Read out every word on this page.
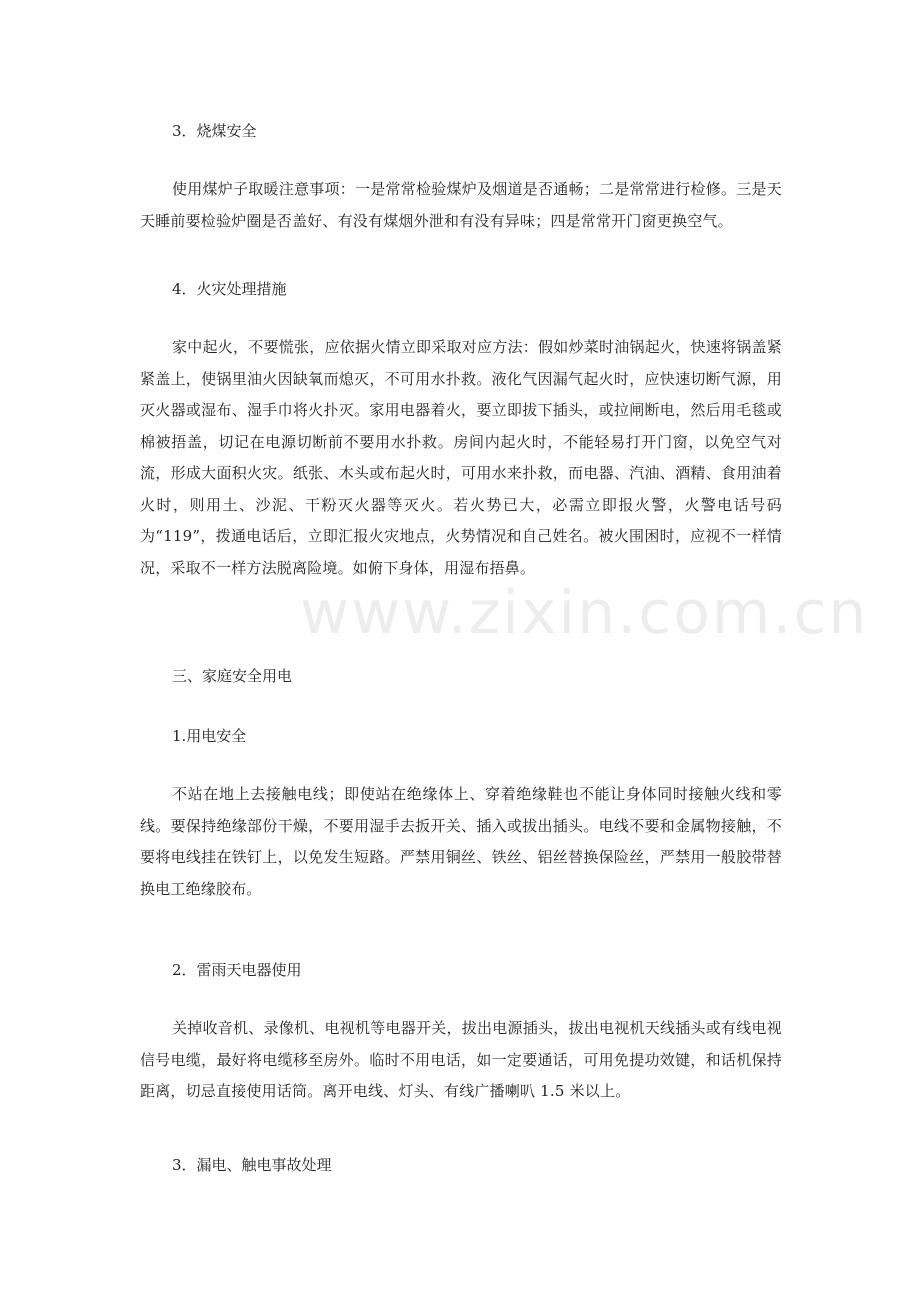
3．烧煤安全
使用煤炉子取暖注意事项：一是常常检验煤炉及烟道是否通畅；二是常常进行检修。三是天天睡前要检验炉圈是否盖好、有没有煤烟外泄和有没有异味；四是常常开门窗更换空气。
4．火灾处理措施
家中起火，不要慌张，应依据火情立即采取对应方法：假如炒菜时油锅起火，快速将锅盖紧紧盖上，使锅里油火因缺氧而熄灭，不可用水扑救。液化气因漏气起火时，应快速切断气源，用灭火器或湿布、湿手巾将火扑灭。家用电器着火，要立即拔下插头，或拉闸断电，然后用毛毯或棉被捂盖，切记在电源切断前不要用水扑救。房间内起火时，不能轻易打开门窗，以免空气对流，形成大面积火灾。纸张、木头或布起火时，可用水来扑救，而电器、汽油、酒精、食用油着火时，则用土、沙泥、干粉灭火器等灭火。若火势已大，必需立即报火警，火警电话号码为“119”，拨通电话后，立即汇报火灾地点，火势情况和自己姓名。被火围困时，应视不一样情况，采取不一样方法脱离险境。如俯下身体，用湿布捂鼻。
三、家庭安全用电
1.用电安全
不站在地上去接触电线；即使站在绝缘体上、穿着绝缘鞋也不能让身体同时接触火线和零线。要保持绝缘部份干燥，不要用湿手去扳开关、插入或拔出插头。电线不要和金属物接触，不要将电线挂在铁钉上，以免发生短路。严禁用铜丝、铁丝、铝丝替换保险丝，严禁用一般胶带替换电工绝缘胶布。
2．雷雨天电器使用
关掉收音机、录像机、电视机等电器开关，拔出电源插头，拔出电视机天线插头或有线电视信号电缆，最好将电缆移至房外。临时不用电话，如一定要通话，可用免提功效键，和话机保持距离，切忌直接使用话筒。离开电线、灯头、有线广播喇叭 1.5 米以上。
3．漏电、触电事故处理
www.zixin.com.cn
